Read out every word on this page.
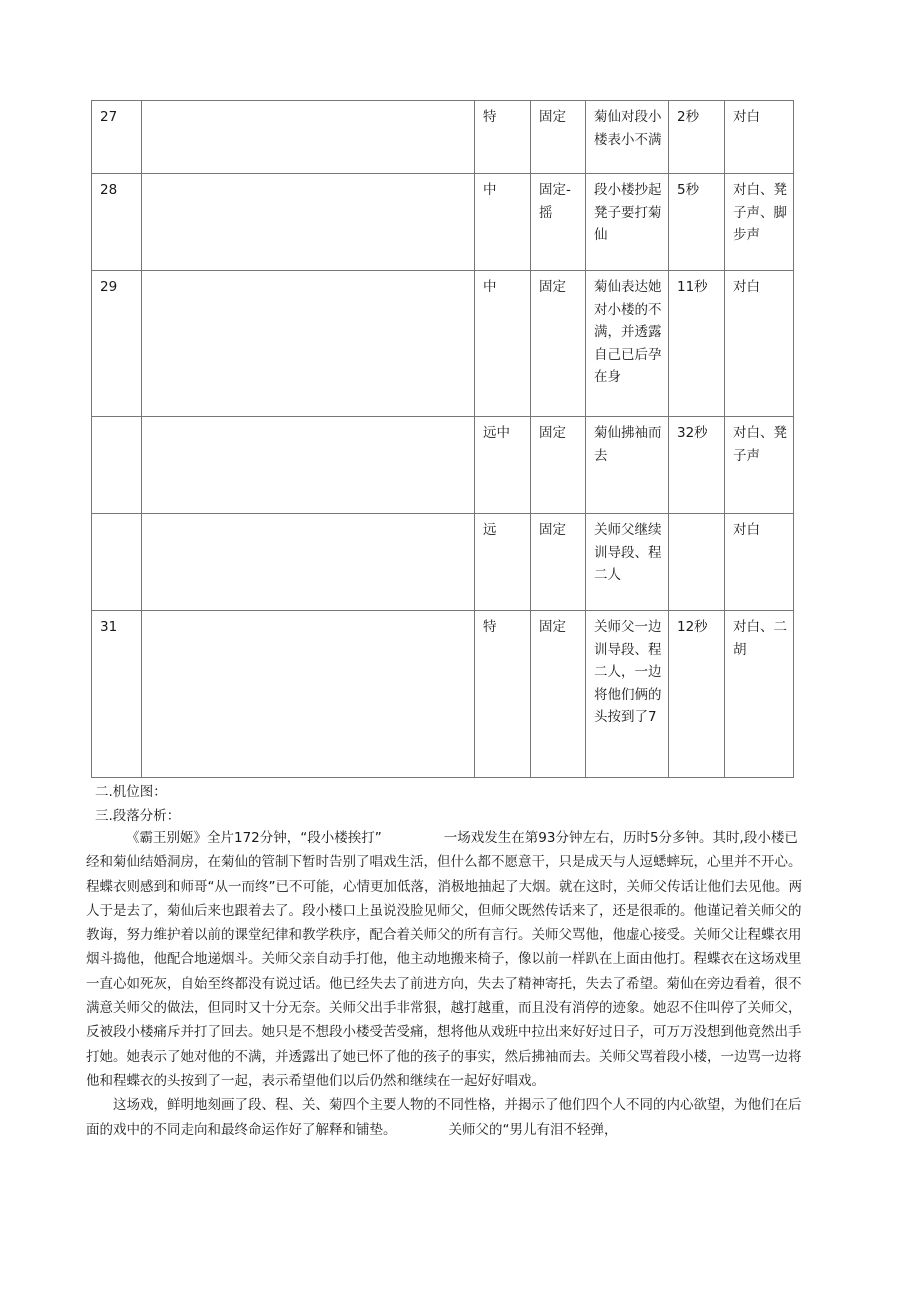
27		特	固定	菊仙对段小楼表小不满	2秒	对白
28		中	固定-摇	段小楼抄起凳子要打菊仙	5秒	对白、凳子声、脚步声
29		中	固定	菊仙表达她对小楼的不满，并透露自己已后孕在身	11秒	对白
		远中	固定	菊仙拂袖而去	32秒	对白、凳子声
		远	固定	关师父继续训导段、程二人		对白
31		特	固定	关师父一边训导段、程二人，一边将他们俩的头按到了7	12秒	对白、二胡
二.机位图：
三.段落分析：

《霸王别姬》全片172分钟，“段小楼挨打”	一场戏发生在第93分钟左右，历时5分多钟。其时,段小楼已经和菊仙结婚洞房，在菊仙的管制下暂时告别了唱戏生活，但什么都不愿意干，只是成天与人逗蟋蟀玩，心里并不开心。程蝶衣则感到和师哥“从一而终”已不可能，心情更加低落，消极地抽起了大烟。就在这时，关师父传话让他们去见他。两人于是去了，菊仙后来也跟着去了。段小楼口上虽说没脸见师父，但师父既然传话来了，还是很乖的。他谨记着关师父的教诲，努力维护着以前的课堂纪律和教学秩序，配合着关师父的所有言行。关师父骂他，他虚心接受。关师父让程蝶衣用烟斗捣他，他配合地递烟斗。关师父亲自动手打他，他主动地搬来椅子，像以前一样趴在上面由他打。程蝶衣在这场戏里一直心如死灰，自始至终都没有说过话。他已经失去了前进方向，失去了精神寄托，失去了希望。菊仙在旁边看着，很不满意关师父的做法，但同时又十分无奈。关师父出手非常狠，越打越重，而且没有消停的迹象。她忍不住叫停了关师父，反被段小楼痛斥并打了回去。她只是不想段小楼受苦受痛，想将他从戏班中拉出来好好过日子，可万万没想到他竟然出手打她。她表示了她对他的不满，并透露出了她已怀了他的孩子的事实，然后拂袖而去。关师父骂着段小楼，一边骂一边将他和程蝶衣的头按到了一起，表示希望他们以后仍然和继续在一起好好唱戏。

这场戏，鲜明地刻画了段、程、关、菊四个主要人物的不同性格，并揭示了他们四个人不同的内心欲望，为他们在后面的戏中的不同走向和最终命运作好了解释和铺垫。	关师父的“男儿有泪不轻弹，
